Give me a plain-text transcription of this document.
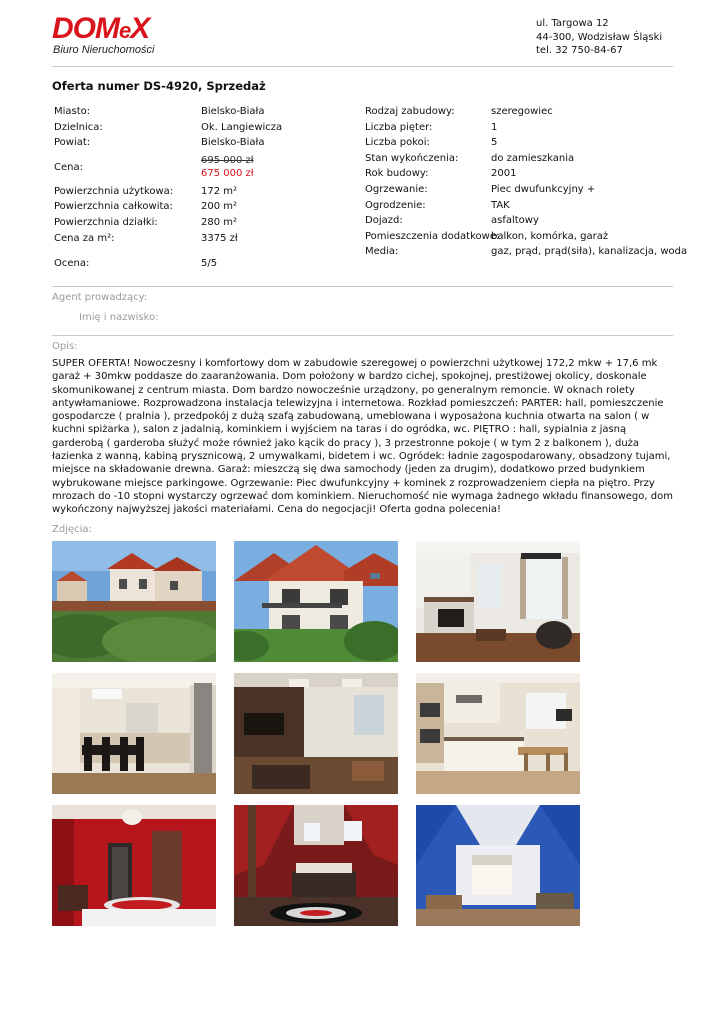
DOMeX
Biuro Nieruchomości
ul. Targowa 12
44-300, Wodzisław Śląski
tel. 32 750-84-67
Oferta numer DS-4920, Sprzedaż
Miasto:	Bielsko-Biała
Dzielnica:	Ok. Langiewicza
Powiat:	Bielsko-Biała
Cena:
695 000 zł
675 000 zł
Powierzchnia użytkowa:	172 m²
Powierzchnia całkowita:	200 m²
Powierzchnia działki:	280 m²
Cena za m²:	3375 zł
Ocena:	5/5
Rodzaj zabudowy:	szeregowiec
Liczba pięter:	1
Liczba pokoi:	5
Stan wykończenia:	do zamieszkania
Rok budowy:	2001
Ogrzewanie:	Piec dwufunkcyjny +
Ogrodzenie:	TAK
Dojazd:	asfaltowy
Pomieszczenia dodatkowe:
balkon, komórka, garaż
Media:	gaz, prąd, prąd(siła), kanalizacja, woda
Agent prowadzący:
Imię i nazwisko:
Opis:
SUPER OFERTA! Nowoczesny i komfortowy dom w zabudowie szeregowej o powierzchni użytkowej 172,2 mkw + 17,6 mk garaż + 30mkw poddasze do zaaranżowania. Dom położony w bardzo cichej, spokojnej, prestiżowej okolicy, doskonale skomunikowanej z centrum miasta. Dom bardzo nowocześnie urządzony, po generalnym remoncie. W oknach rolety antywłamaniowe. Rozprowadzona instalacja telewizyjna i internetowa. Rozkład pomieszczeń: PARTER: hall, pomieszczenie gospodarcze ( pralnia ), przedpokój z dużą szafą zabudowaną, umeblowana i wyposażona kuchnia otwarta na salon ( w kuchni spiżarka ), salon z jadalnią, kominkiem i wyjściem na taras i do ogródka, wc. PIĘTRO : hall, sypialnia z jasną garderobą ( garderoba służyć może również jako kącik do pracy ), 3 przestronne pokoje ( w tym 2 z balkonem ), duża łazienka z wanną, kabiną prysznicową, 2 umywalkami, bidetem i wc. Ogródek: ładnie zagospodarowany, obsadzony tujami, miejsce na składowanie drewna. Garaż: mieszczą się dwa samochody (jeden za drugim), dodatkowo przed budynkiem wybrukowane miejsce parkingowe. Ogrzewanie: Piec dwufunkcyjny + kominek z rozprowadzeniem ciepła na piętro. Przy mrozach do -10 stopni wystarczy ogrzewać dom kominkiem. Nieruchomość nie wymaga żadnego wkładu finansowego, dom wykończony najwyższej jakości materiałami. Cena do negocjacji! Oferta godna polecenia!
Zdjęcia:
